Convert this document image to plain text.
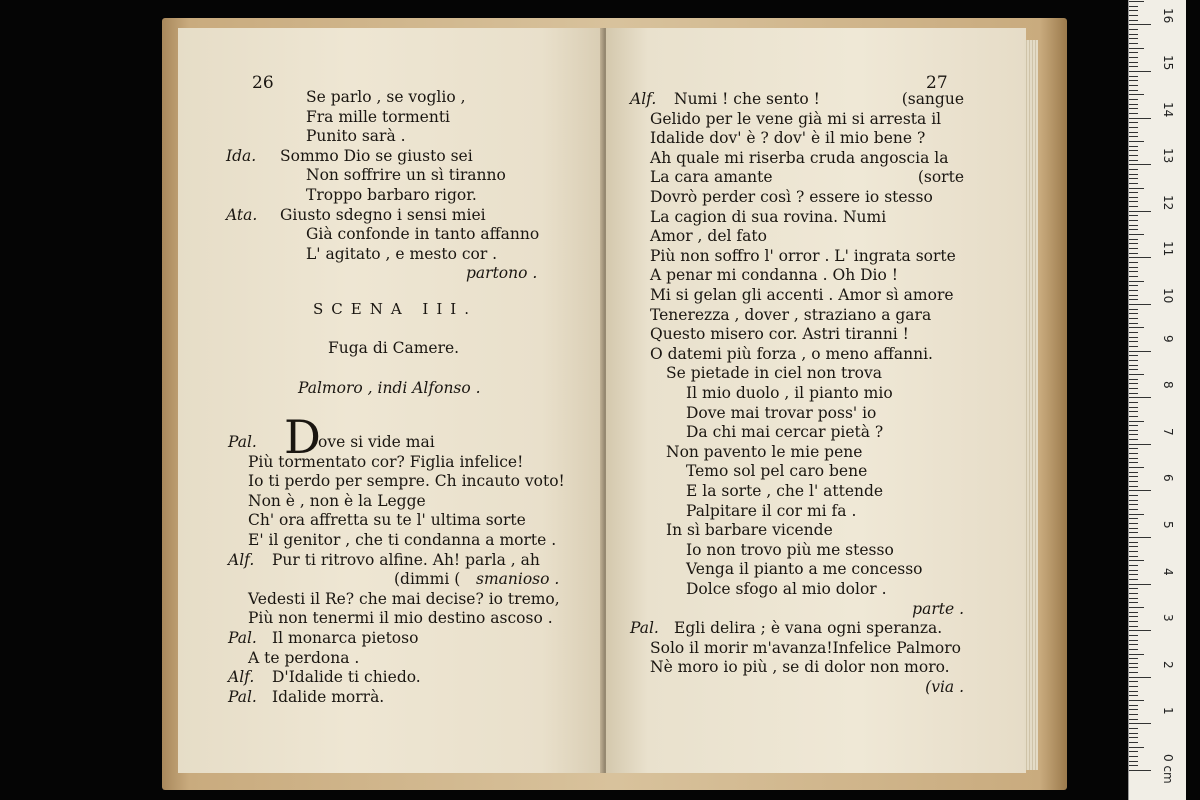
26
Se parlo , se voglio ,
Fra mille tormenti
Punito sarà .
Ida. Sommo Dio se giusto sei
Non soffrire un sì tiranno
Troppo barbaro rigor.
Ata. Giusto sdegno i sensi miei
Già confonde in tanto affanno
L' agitato , e mesto cor .
partono .
SCENA III.
Fuga di Camere.
Palmoro , indi Alfonso .
D
Pal.	ove si vide mai
Più tormentato cor? Figlia infelice!
Io ti perdo per sempre. Ch incauto voto!
Non è , non è la Legge
Ch' ora affretta su te l' ultima sorte
E' il genitor , che ti condanna a morte .
Alf. Pur ti ritrovo alfine. Ah! parla , ah
(dimmi ( smanioso .
Vedesti il Re? che mai decise? io tremo,
Più non tenermi il mio destino ascoso .
Pal. Il monarca pietoso
A te perdona .
Alf. D'Idalide ti chiedo.
Pal. Idalide morrà.
27
Alf. Numi ! che sento !	(sangue
Gelido per le vene già mi si arresta il
Idalide dov' è ? dov' è il mio bene ?
Ah quale mi riserba cruda angoscia la
La cara amante	(sorte
Dovrò perder così ? essere io stesso
La cagion di sua rovina. Numi
Amor , del fato
Più non soffro l' orror . L' ingrata sorte
A penar mi condanna . Oh Dio !
Mi si gelan gli accenti . Amor sì amore
Tenerezza , dover , straziano a gara
Questo misero cor. Astri tiranni !
O datemi più forza , o meno affanni.
Se pietade in ciel non trova
Il mio duolo , il pianto mio
Dove mai trovar poss' io
Da chi mai cercar pietà ?
Non pavento le mie pene
Temo sol pel caro bene
E la sorte , che l' attende
Palpitare il cor mi fa .
In sì barbare vicende
Io non trovo più me stesso
Venga il pianto a me concesso
Dolce sfogo al mio dolor .
parte .
Pal. Egli delira ; è vana ogni speranza.
Solo il morir m'avanza!Infelice Palmoro
Nè moro io più , se di dolor non moro.
(via .
0 cm
1
2
3
4
5
6
7
8
9
10
11
12
13
14
15
16
